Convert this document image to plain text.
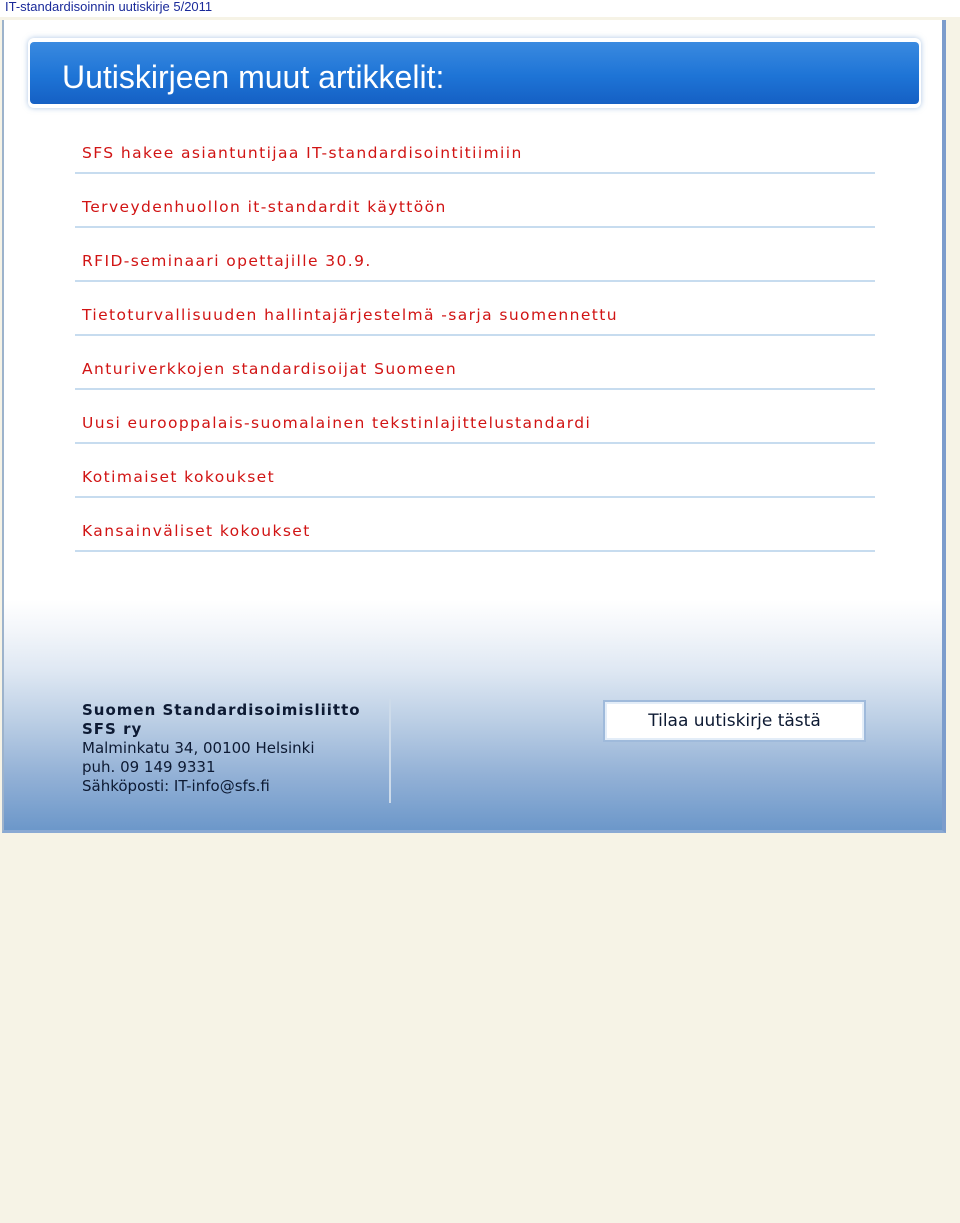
IT-standardisoinnin uutiskirje 5/2011
Uutiskirjeen muut artikkelit:
SFS hakee asiantuntijaa IT-standardisointitiimiin
Terveydenhuollon it-standardit käyttöön
RFID-seminaari opettajille 30.9.
Tietoturvallisuuden hallintajärjestelmä -sarja suomennettu
Anturiverkkojen standardisoijat Suomeen
Uusi eurooppalais-suomalainen tekstinlajittelustandardi
Kotimaiset kokoukset
Kansainväliset kokoukset
Suomen Standardisoimisliitto
SFS ry
Malminkatu 34, 00100 Helsinki
puh. 09 149 9331
Sähköposti: IT-info@sfs.fi
Tilaa uutiskirje tästä
